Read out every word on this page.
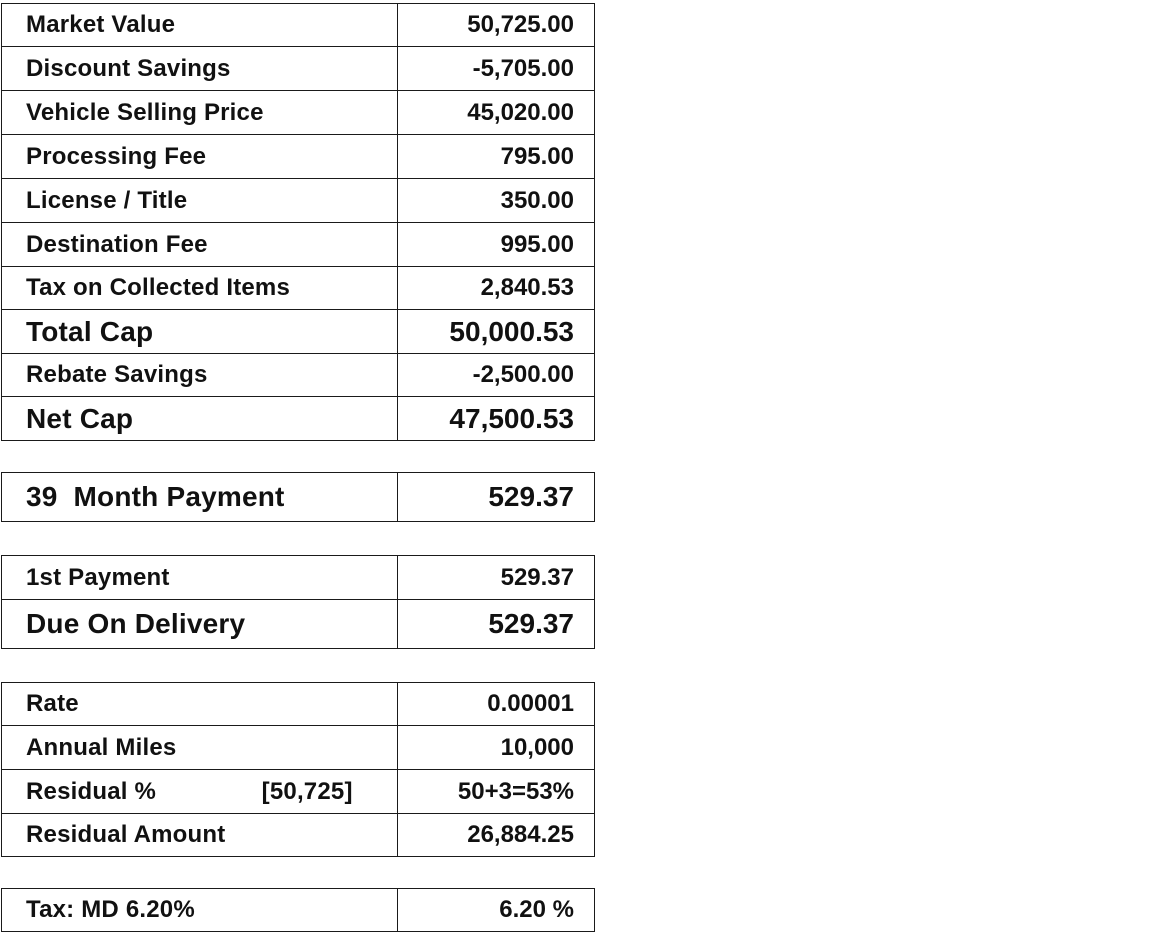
Market Value	50,725.00
Discount Savings	-5,705.00
Vehicle Selling Price	45,020.00
Processing Fee	795.00
License / Title	350.00
Destination Fee	995.00
Tax on Collected Items	2,840.53
Total Cap	50,000.53
Rebate Savings	-2,500.00
Net Cap	47,500.53
39  Month Payment	529.37
1st Payment	529.37
Due On Delivery	529.37
Rate	0.00001
Annual Miles	10,000
Residual % [50,725]	50+3=53%
Residual Amount	26,884.25
Tax: MD 6.20%	6.20 %
